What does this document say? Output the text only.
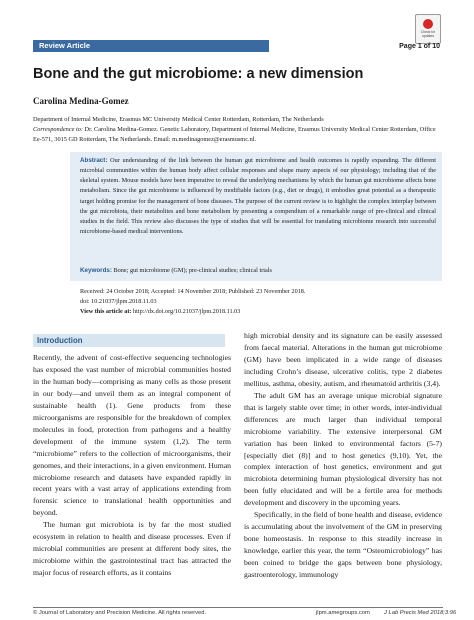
Review Article
Check for
updates
Page 1 of 10
Bone and the gut microbiome: a new dimension
Carolina Medina-Gomez
Department of Internal Medicine, Erasmus MC University Medical Center Rotterdam, Rotterdam, The Netherlands
Correspondence to: Dr. Carolina Medina-Gomez. Genetic Laboratory, Department of Internal Medicine, Erasmus University Medical Center Rotterdam, Office Ee-571, 3015 GD Rotterdam, The Netherlands. Email: m.medinagomez@erasmusmc.nl.
Abstract: Our understanding of the link between the human gut microbiome and health outcomes is rapidly expanding. The different microbial communities within the human body affect cellular responses and shape many aspects of our physiology; including that of the skeletal system. Mouse models have been imperative to reveal the underlying mechanisms by which the human gut microbiome affects bone metabolism. Since the gut microbiome is influenced by modifiable factors (e.g., diet or drugs), it embodies great potential as a therapeutic target holding promise for the management of bone diseases. The purpose of the current review is to highlight the complex interplay between the gut microbiota, their metabolites and bone metabolism by presenting a compendium of a remarkable range of pre-clinical and clinical studies in the field. This review also discusses the type of studies that will be essential for translating microbiome research into successful microbiome-based medical interventions.
Keywords: Bone; gut microbiome (GM); pre-clinical studies; clinical trials
Received: 24 October 2018; Accepted: 14 November 2018; Published: 23 November 2018.
doi: 10.21037/jlpm.2018.11.03
View this article at: http://dx.doi.org/10.21037/jlpm.2018.11.03
Introduction

Recently, the advent of cost-effective sequencing technologies has exposed the vast number of microbial communities hosted in the human body—comprising as many cells as those present in our body—and unveil them as an integral component of sustainable health (1). Gene products from these microorganisms are responsible for the breakdown of complex molecules in food, protection from pathogens and a healthy development of the immune system (1,2). The term “microbiome” refers to the collection of microorganisms, their genomes, and their interactions, in a given environment. Human microbiome research and datasets have expanded rapidly in recent years with a vast array of applications extending from forensic science to translational health opportunities and beyond.

The human gut microbiota is by far the most studied ecosystem in relation to health and disease processes. Even if microbial communities are present at different body sites, the microbiome within the gastrointestinal tract has attracted the major focus of research efforts, as it contains

high microbial density and its signature can be easily assessed from faecal material. Alterations in the human gut microbiome (GM) have been implicated in a wide range of diseases including Crohn’s disease, ulcerative colitis, type 2 diabetes mellitus, asthma, obesity, autism, and rheumatoid arthritis (3,4).

The adult GM has an average unique microbial signature that is largely stable over time; in other words, inter-individual differences are much larger than individual temporal microbiome variability. The extensive interpersonal GM variation has been linked to environmental factors (5-7) [especially diet (8)] and to host genetics (9,10). Yet, the complex interaction of host genetics, environment and gut microbiota determining human physiological diversity has not been fully elucidated and will be a fertile area for methods development and discovery in the upcoming years.

Specifically, in the field of bone health and disease, evidence is accumulating about the involvement of the GM in preserving bone homeostasis. In response to this steadily increase in knowledge, earlier this year, the term “Osteomicrobiology” has been coined to bridge the gaps between bone physiology, gastroenterology, immunology

© Journal of Laboratory and Precision Medicine. All rights reserved.	jlpm.amegroups.com J Lab Precis Med 2018;3:96
